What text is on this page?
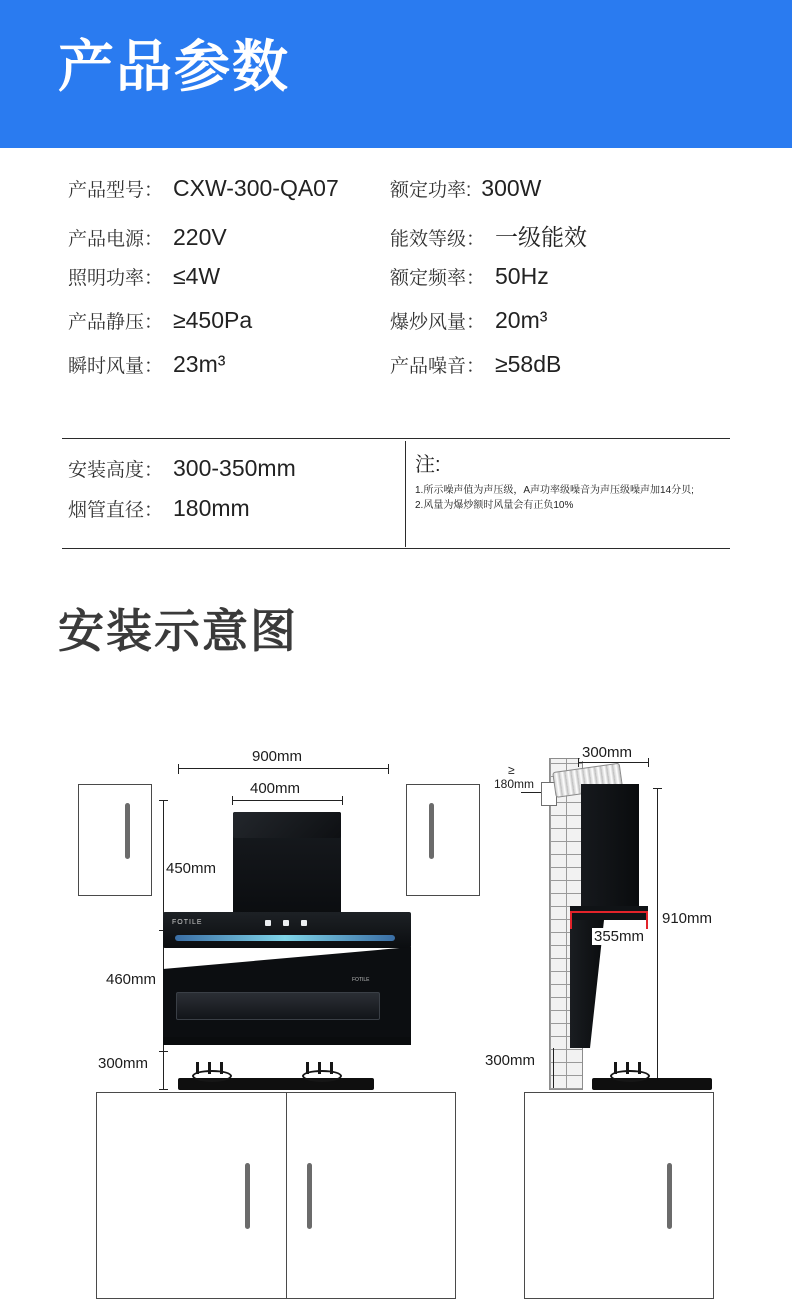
产品参数
产品型号： CXW-300-QA07	额定功率: 300W
产品电源： 220V	能效等级： 一级能效
照明功率： ≤4W	额定频率： 50Hz
产品静压： ≥450Pa	爆炒风量： 20m³
瞬时风量： 23m³	产品噪音： ≥58dB
安装高度： 300-350mm
烟管直径： 180mm
注:
1.所示噪声值为声压级，A声功率级噪音为声压级噪声加14分贝;
2.风量为爆炒额时风量会有正负10%
安装示意图
900mm
400mm
450mm
460mm
300mm
FOTILE
FOTILE
≥
180mm
300mm
355mm
910mm
300mm
